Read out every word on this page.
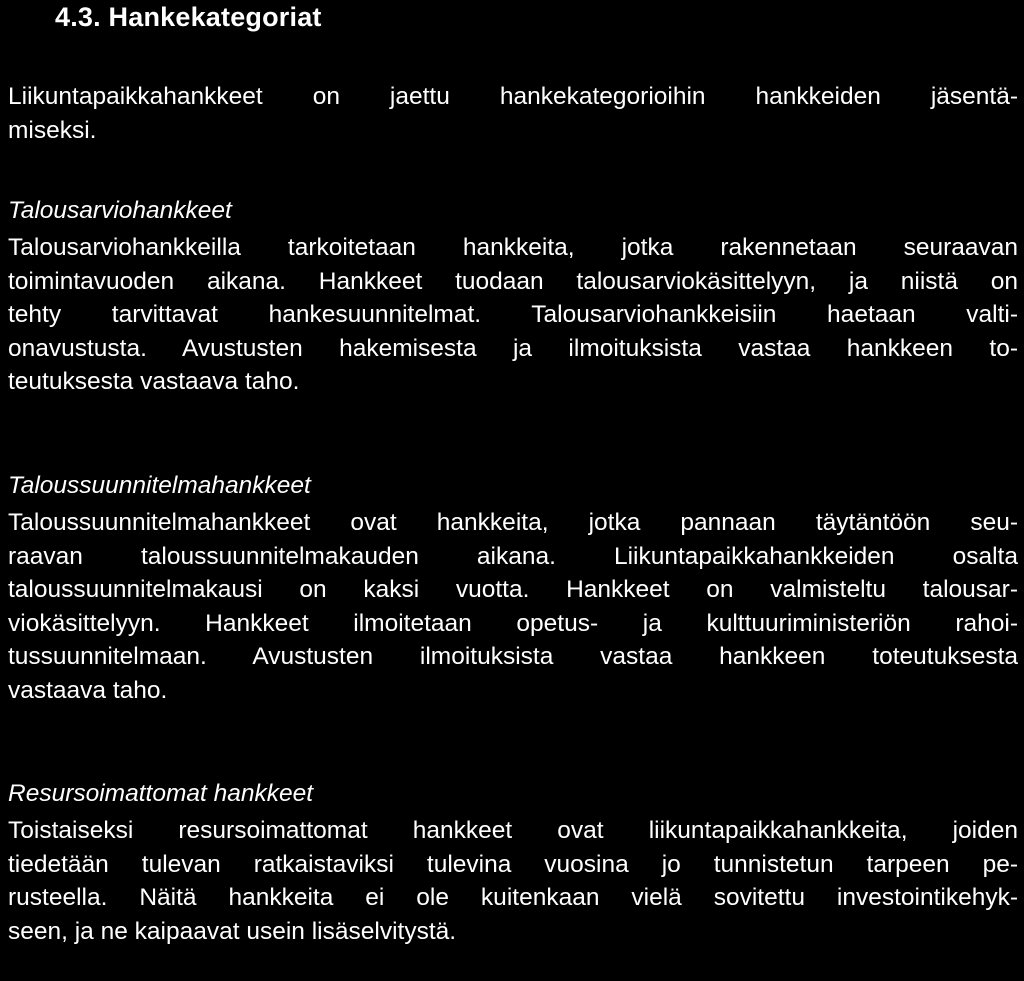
4.3. Hankekategoriat
Liikuntapaikkahankkeet on jaettu hankekategorioihin hankkeiden jäsentä-
miseksi.
Talousarviohankkeet
Talousarviohankkeilla tarkoitetaan hankkeita, jotka rakennetaan seuraavan
toimintavuoden aikana. Hankkeet tuodaan talousarviokäsittelyyn, ja niistä on
tehty tarvittavat hankesuunnitelmat. Talousarviohankkeisiin haetaan valti-
onavustusta. Avustusten hakemisesta ja ilmoituksista vastaa hankkeen to-
teutuksesta vastaava taho.
Taloussuunnitelmahankkeet
Taloussuunnitelmahankkeet ovat hankkeita, jotka pannaan täytäntöön seu-
raavan taloussuunnitelmakauden aikana. Liikuntapaikkahankkeiden osalta
taloussuunnitelmakausi on kaksi vuotta. Hankkeet on valmisteltu talousar-
viokäsittelyyn. Hankkeet ilmoitetaan opetus- ja kulttuuriministeriön rahoi-
tussuunnitelmaan. Avustusten ilmoituksista vastaa hankkeen toteutuksesta
vastaava taho.
Resursoimattomat hankkeet
Toistaiseksi resursoimattomat hankkeet ovat liikuntapaikkahankkeita, joiden
tiedetään tulevan ratkaistaviksi tulevina vuosina jo tunnistetun tarpeen pe-
rusteella. Näitä hankkeita ei ole kuitenkaan vielä sovitettu investointikehyk-
seen, ja ne kaipaavat usein lisäselvitystä.
